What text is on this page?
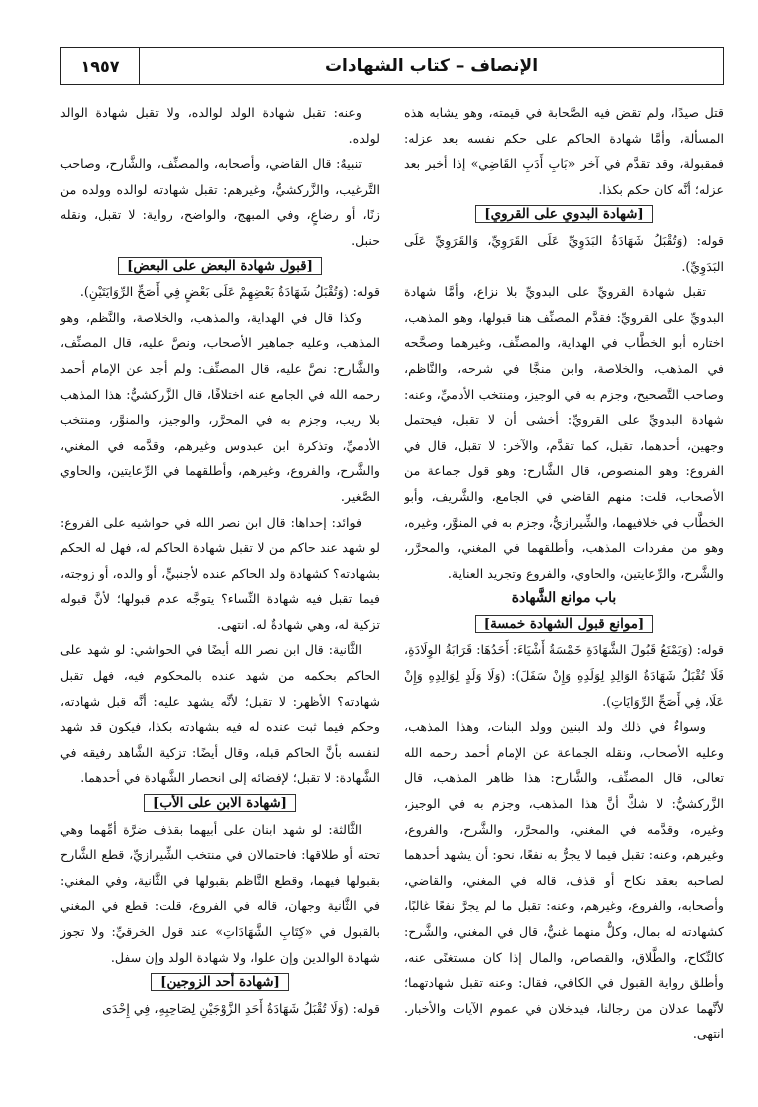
الإنصاف – كتاب الشهادات
١٩٥٧

قتل صيدًا، ولم تقض فيه الصَّحابة في قيمته، وهو يشابه هذه المسألة، وأمَّا شهادة الحاكم على حكم نفسه بعد عزله: فمقبولة، وقد تقدَّم في آخر «بَابِ أَدَبِ القَاضِي» إذا أخبر بعد عزله؛ أنَّه كان حكم بكذا.

[شهادة البدوي على القروي]

قوله: (وَتُقْبَلُ شَهَادَةُ البَدَوِيِّ عَلَى القَرَوِيِّ، وَالقَرَوِيِّ عَلَى البَدَوِيِّ).

تقبل شهادة القرويِّ على البدويِّ بلا نزاع، وأمَّا شهادة البدويِّ على القرويِّ: فقدَّم المصنِّف هنا قبولها، وهو المذهب، اختاره أبو الخطَّاب في الهداية، والمصنِّف، وغيرهما وصحَّحه في المذهب، والخلاصة، وابن منجَّا في شرحه، والنَّاظم، وصاحب التَّصحيح، وجزم به في الوجيز، ومنتخب الأدميِّ، وعنه: شهادة البدويِّ على القرويِّ: أخشى أن لا تقبل، فيحتمل وجهين، أحدهما، تقبل، كما تقدَّم، والآخر: لا تقبل، قال في الفروع: وهو المنصوص، قال الشَّارح: وهو قول جماعة من الأصحاب، قلت: منهم القاضي في الجامع، والشَّريف، وأبو الخطَّاب في خلافيهما، والشِّيرازيُّ، وجزم به في المنوَّر، وغيره، وهو من مفردات المذهب، وأطلقهما في المغني، والمحرَّر، والشَّرح، والرِّعايتين، والحاوي، والفروع وتجريد العناية.

باب موانع الشَّهادة
[موانع قبول الشهادة خمسة]

قوله: (وَيَمْنَعُ قَبُولَ الشَّهَادَةِ خَمْسَةُ أَشْيَاءَ: أَحَدُهَا: قَرَابَةُ الوِلَادَةِ، فَلَا تُقْبَلُ شَهَادَةُ الوَالِدِ لِوَلَدِهِ وَإِنْ سَفَلَ): (وَلَا وَلَدٍ لِوَالِدِهِ وَإِنْ عَلَا، فِي أَصَحِّ الرِّوَايَاتِ).

وسواءٌ في ذلك ولد البنين وولد البنات، وهذا المذهب، وعليه الأصحاب، ونقله الجماعة عن الإمام أحمد رحمه الله تعالى، قال المصنِّف، والشَّارح: هذا ظاهر المذهب، قال الزَّركشيُّ: لا شكَّ أنَّ هذا المذهب، وجزم به في الوجيز، وغيره، وقدَّمه في المغني، والمحرَّر، والشَّرح، والفروع، وغيرهم، وعنه: تقبل فيما لا يجرُّ به نفعًا، نحو: أن يشهد أحدهما لصاحبه بعقد نكاح أو قذف، قاله في المغني، والقاضي، وأصحابه، والفروع، وغيرهم، وعنه: تقبل ما لم يجرَّ نفعًا غالبًا، كشهادته له بمال، وكلٌّ منهما غنيٌّ، قال في المغني، والشَّرح: كالنِّكاح، والطَّلاق، والقصاص، والمال إذا كان مستغنًى عنه، وأطلق رواية القبول في الكافي، فقال: وعنه تقبل شهادتهما؛ لأنَّهما عدلان من رجالنا، فيدخلان في عموم الآيات والأخبار. انتهى.

وعنه: تقبل شهادة الولد لوالده، ولا تقبل شهادة الوالد لولده.

تنبيهٌ: قال القاضي، وأصحابه، والمصنِّف، والشَّارح، وصاحب التَّرغيب، والزَّركشيُّ، وغيرهم: تقبل شهادته لوالده وولده من زنًا، أو رضاعٍ، وفي المبهج، والواضح، رواية: لا تقبل، ونقله حنبل.

[قبول شهادة البعض على البعض]

قوله: (وَتُقْبَلُ شَهَادَةُ بَعْضِهِمْ عَلَى بَعْضٍ فِي أَصَحِّ الرِّوَايَتَيْنِ).

وكذا قال في الهداية، والمذهب، والخلاصة، والنَّظم، وهو المذهب، وعليه جماهير الأصحاب، ونصَّ عليه، قال المصنِّف، والشَّارح: نصَّ عليه، قال المصنِّف: ولم أجد عن الإمام أحمد رحمه الله في الجامع عنه اختلافًا، قال الزَّركشيُّ: هذا المذهب بلا ريب، وجزم به في المحرَّر، والوجيز، والمنوَّر، ومنتخب الأدميِّ، وتذكرة ابن عبدوس وغيرهم، وقدَّمه في المغني، والشَّرح، والفروع، وغيرهم، وأطلقهما في الرِّعايتين، والحاوي الصَّغير.

فوائد: إحداها: قال ابن نصر الله في حواشيه على الفروع: لو شهد عند حاكم من لا تقبل شهادة الحاكم له، فهل له الحكم بشهادته؟ كشهادة ولد الحاكم عنده لأجنبيٍّ، أو والده، أو زوجته، فيما تقبل فيه شهادة النِّساء؟ يتوجَّه عدم قبولها؛ لأنَّ قبوله تزكية له، وهي شهادةٌ له. انتهى.

الثَّانية: قال ابن نصر الله أيضًا في الحواشي: لو شهد على الحاكم بحكمه من شهد عنده بالمحكوم فيه، فهل تقبل شهادته؟ الأظهر: لا تقبل؛ لأنَّه يشهد عليه: أنَّه قبل شهادته، وحكم فيما ثبت عنده له فيه بشهادته بكذا، فيكون قد شهد لنفسه بأنَّ الحاكم قبله، وقال أيضًا: تزكية الشَّاهد رفيقه في الشَّهادة: لا تقبل؛ لإفضائه إلى انحصار الشَّهادة في أحدهما.

[شهادة الابن على الأب]

الثَّالثة: لو شهد ابنان على أبيهما بقذف ضرَّة أمِّهما وهي تحته أو طلاقها: فاحتمالان في منتخب الشِّيرازيِّ، قطع الشَّارح بقبولها فيهما، وقطع النَّاظم بقبولها في الثَّانية، وفي المغني: في الثَّانية وجهان، قاله في الفروع، قلت: قطع في المغني بالقبول في «كِتَابِ الشَّهَادَاتِ» عند قول الخرقيِّ: ولا تجوز شهادة الوالدين وإن علوا، ولا شهادة الولد وإن سفل.

[شهادة أحد الزوجين]

قوله: (وَلَا تُقْبَلُ شَهَادَةُ أَحَدِ الزَّوْجَيْنِ لِصَاحِبِهِ، فِي إِحْدَى
